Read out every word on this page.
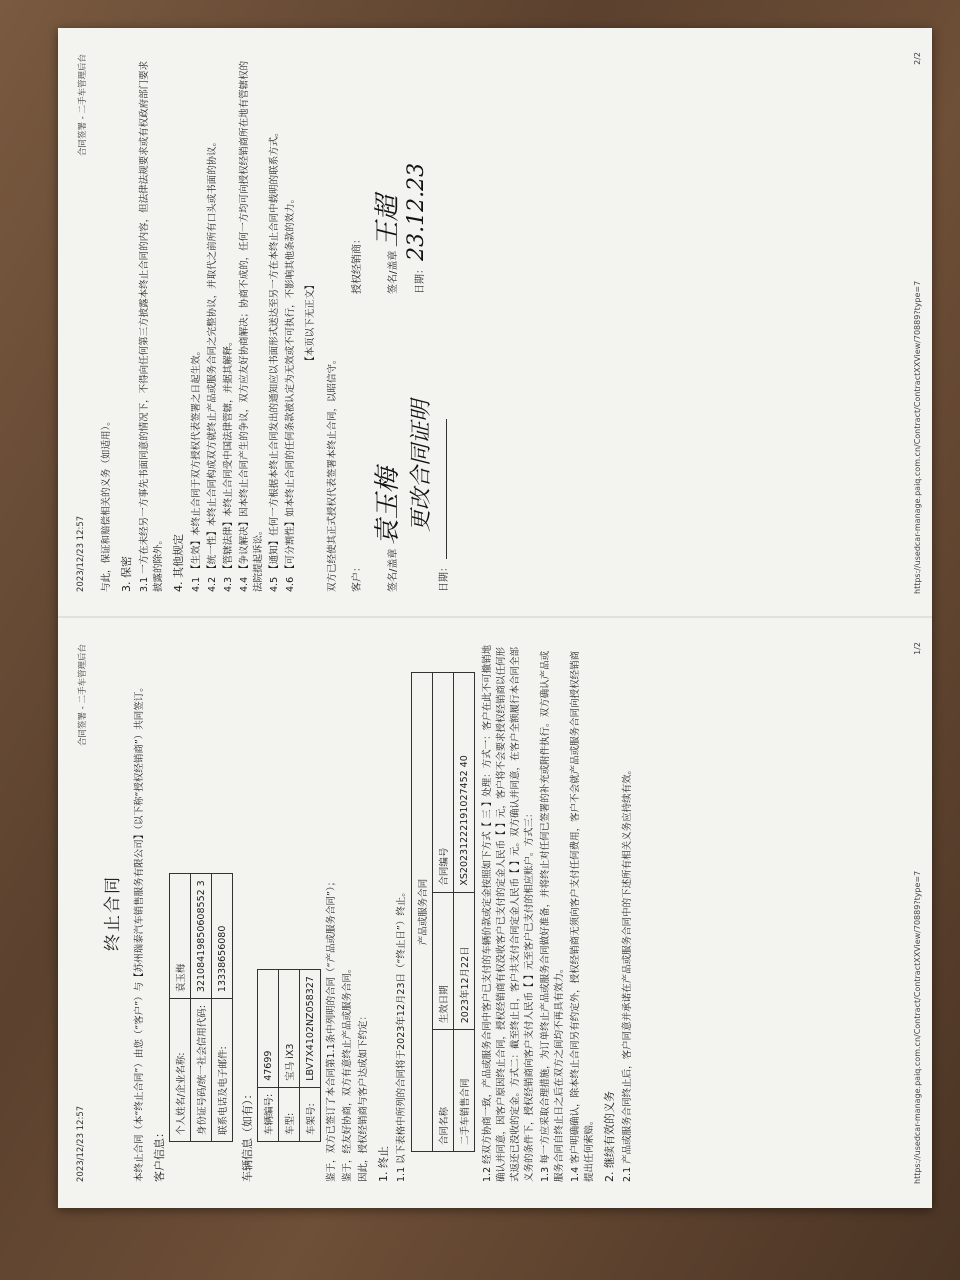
2023/12/23 12:57
合同签署 - 二手车管理后台
终止合同	本终止合同（本“终止合同”）由您（“客户”）与【苏州瑞泰汽车销售服务有限公司】（以下称“授权经销商”）共同签订。 客户信息：
个人姓名/企业名称:	袁玉梅
身份证号码/统一社会信用代码:	32108419850608552 3
联系电话及电子邮件:	13338656080
车辆信息（如有）： 车辆编号:	47699
车型:	宝马 iX3
车架号:	LBV7X4102NZ058327	鉴于，双方已签订了本合同第1.1条中列明的合同（“产品或服务合同”）； 鉴于，经友好协商，双方有意终止产品或服务合同。 因此，授权经销商与客户达成如下约定： 1. 终止 1.1 以下表格中所列的合同将于2023年12月23日（“终止日”）终止。 产品或服务合同		
合同名称	生效日期	合同编号
二手车销售合同	2023年12月22日	XS20231222191027452 40	1.2 经双方协商一致，产品或服务合同中客户已支付的车辆价款或定金按照如下方式【 三 】处理：方式一：客户在此不可撤销地确认并同意，因客户原因终止合同，授权经销商有权没收客户已支付的定金人民币【 】元，客户将不会要求授权经销商以任何形式返还已没收的定金。方式二：截至终止日，客户共支付合同定金人民币【 】元。双方确认并同意，在客户全额履行本合同全部义务的条件下，授权经销商向客户支付人民币【 】元至客户已支付的相应账户。方式三： 1.3 每一方应采取合理措施，为订单终止产品或服务合同做好准备，并将终止对任何已签署的补充或附件执行。双方确认产品或服务合同自终止日之后在双方之间均不再具有效力。 1.4 客户明确确认，除本终止合同另有约定外，授权经销商无须向客户支付任何费用，客户不会就产品或服务合同向授权经销商提出任何索赔。 2. 继续有效的义务 2.1 产品或服务合同终止后，客户同意并承诺在产品或服务合同中的下述所有相关义务应持续有效。	https://usedcar-manage.paiq.com.cn/Contract/ContractXXView/70889?type=7
1/2
2023/12/23 12:57
合同签署 - 二手车管理后台
与此，保证和赔偿相关的义务（如适用）。 3. 保密 3.1 一方在未经另一方事先书面同意的情况下，不得向任何第三方披露本终止合同的内容，但法律法规要求或有权政府部门要求披露的除外。 4. 其他规定 4.1 【生效】本终止合同于双方授权代表签署之日起生效。 4.2 【统一性】本终止合同构成双方就终止产品或服务合同之完整协议，并取代之前所有口头或书面的协议。 4.3 【管辖法律】本终止合同受中国法律管辖，并据其解释。 4.4 【争议解决】因本终止合同产生的争议，双方应友好协商解决；协商不成的，任何一方均可向授权经销商所在地有管辖权的法院提起诉讼。 4.5 【通知】任何一方根据本终止合同发出的通知应以书面形式送达至另一方在本终止合同中载明的联系方式。 4.6 【可分割性】如本终止合同的任何条款被认定为无效或不可执行，不影响其他条款的效力。 【本页以下无正文】
双方已经使其正式授权代表签署本终止合同，以昭信守。	客户：	签名/盖章 袁玉梅 更改合同证明
日期：
授权经销商：	签名/盖章 王超
日期： 23.12.23
https://usedcar-manage.paiq.com.cn/Contract/ContractXXView/70889?type=7
2/2
